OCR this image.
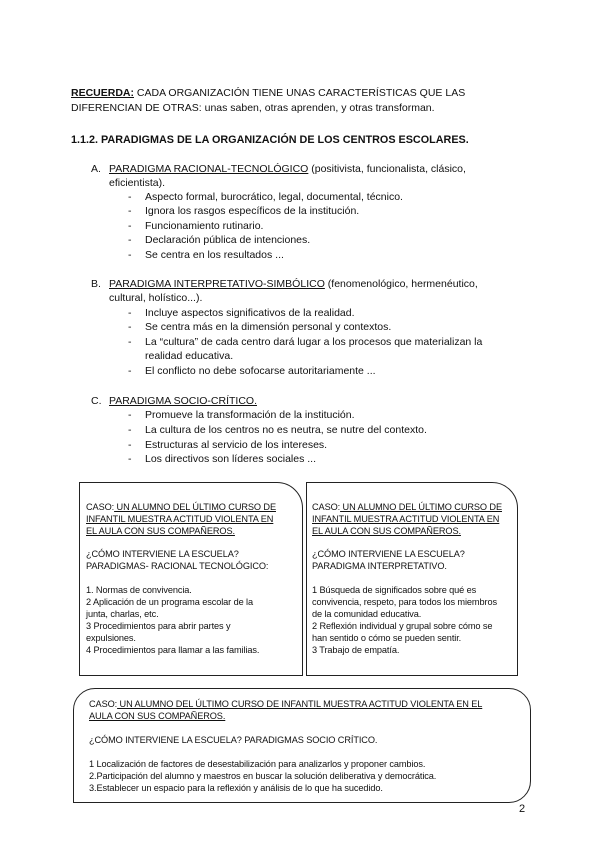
RECUERDA: CADA ORGANIZACIÓN TIENE UNAS CARACTERÍSTICAS QUE LAS
DIFERENCIAN DE OTRAS: unas saben, otras aprenden, y otras transforman.
1.1.2. PARADIGMAS DE LA ORGANIZACIÓN DE LOS CENTROS ESCOLARES.
A. PARADIGMA RACIONAL-TECNOLÓGICO (positivista, funcionalista, clásico,
eficientista).
- Aspecto formal, burocrático, legal, documental, técnico.
- Ignora los rasgos específicos de la institución.
- Funcionamiento rutinario.
- Declaración pública de intenciones.
- Se centra en los resultados ...
B. PARADIGMA INTERPRETATIVO-SIMBÓLICO (fenomenológico, hermenéutico,
cultural, holístico...).
- Incluye aspectos significativos de la realidad.
- Se centra más en la dimensión personal y contextos.
- La “cultura” de cada centro dará lugar a los procesos que materializan la
realidad educativa.
- El conflicto no debe sofocarse autoritariamente ...
C. PARADIGMA SOCIO-CRÍTICO.
- Promueve la transformación de la institución.
- La cultura de los centros no es neutra, se nutre del contexto.
- Estructuras al servicio de los intereses.
- Los directivos son líderes sociales ...
CASO: UN ALUMNO DEL ÚLTIMO CURSO DE
INFANTIL MUESTRA ACTITUD VIOLENTA EN
EL AULA CON SUS COMPAÑEROS.
¿CÓMO INTERVIENE LA ESCUELA?
PARADIGMAS- RACIONAL TECNOLÓGICO:
1. Normas de convivencia.
2 Aplicación de un programa escolar de la
junta, charlas, etc.
3 Procedimientos para abrir partes y
expulsiones.
4 Procedimientos para llamar a las familias.
CASO: UN ALUMNO DEL ÚLTIMO CURSO DE
INFANTIL MUESTRA ACTITUD VIOLENTA EN
EL AULA CON SUS COMPAÑEROS.
¿CÓMO INTERVIENE LA ESCUELA?
PARADIGMA INTERPRETATIVO.
1 Búsqueda de significados sobre qué es
convivencia, respeto, para todos los miembros
de la comunidad educativa.
2 Reflexión individual y grupal sobre cómo se
han sentido o cómo se pueden sentir.
3 Trabajo de empatía.
CASO: UN ALUMNO DEL ÚLTIMO CURSO DE INFANTIL MUESTRA ACTITUD VIOLENTA EN EL
AULA CON SUS COMPAÑEROS.
¿CÓMO INTERVIENE LA ESCUELA? PARADIGMAS SOCIO CRÍTICO.
1 Localización de factores de desestabilización para analizarlos y proponer cambios.
2.Participación del alumno y maestros en buscar la solución deliberativa y democrática.
3.Establecer un espacio para la reflexión y análisis de lo que ha sucedido.
2
